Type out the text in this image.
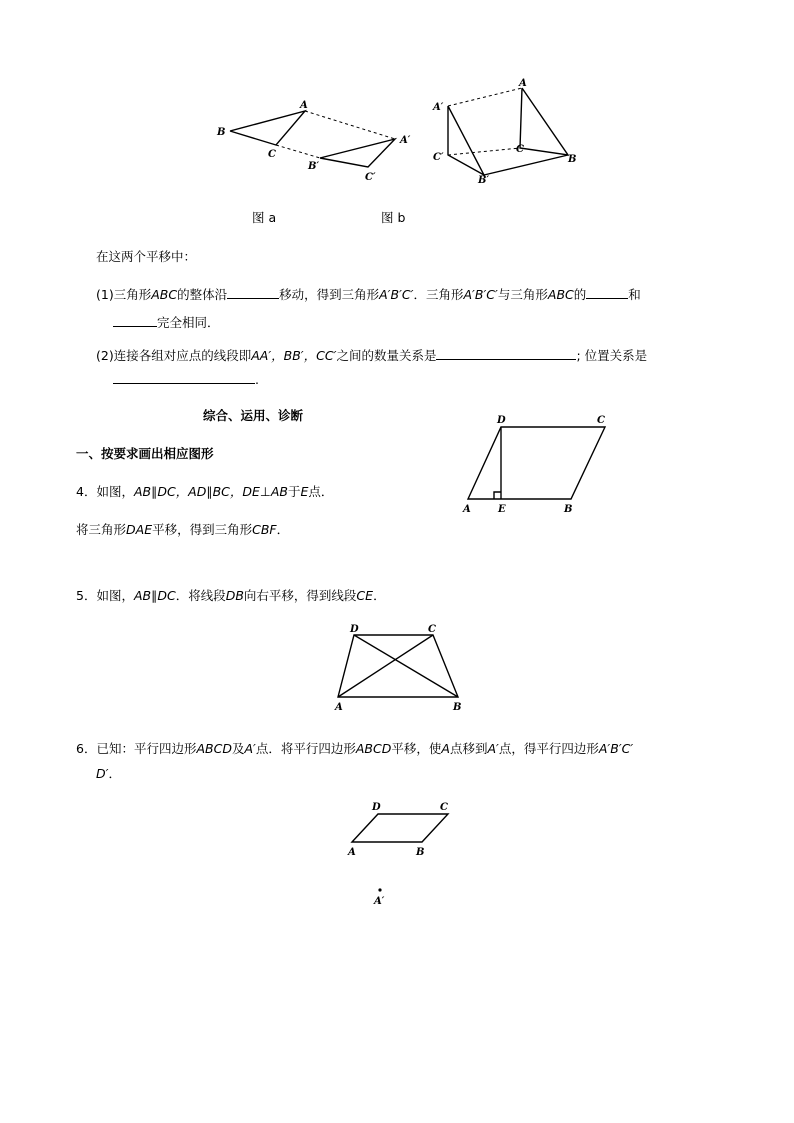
A
B
C
A′
B′
C′
A
A′
C
C′	B
B′
图 a	图 b
在这两个平移中：
(1)三角形ABC的整体沿	移动，得到三角形A′B′C′．三角形A′B′C′与三角形ABC的	和
完全相同．
(2)连接各组对应点的线段即AA′，BB′，CC′之间的数量关系是	; 位置关系是
.
综合、运用、诊断
一、按要求画出相应图形
D	C
A	E	B
4．如图，AB∥DC，AD∥BC，DE⊥AB于E点．
将三角形DAE平移，得到三角形CBF．
5．如图，AB∥DC．将线段DB向右平移，得到线段CE．
D	C
A	B
6．已知：平行四边形ABCD及A′点．将平行四边形ABCD平移，使A点移到A′点，得平行四边形A′B′C′
D′．
D	C
A	B
A′
